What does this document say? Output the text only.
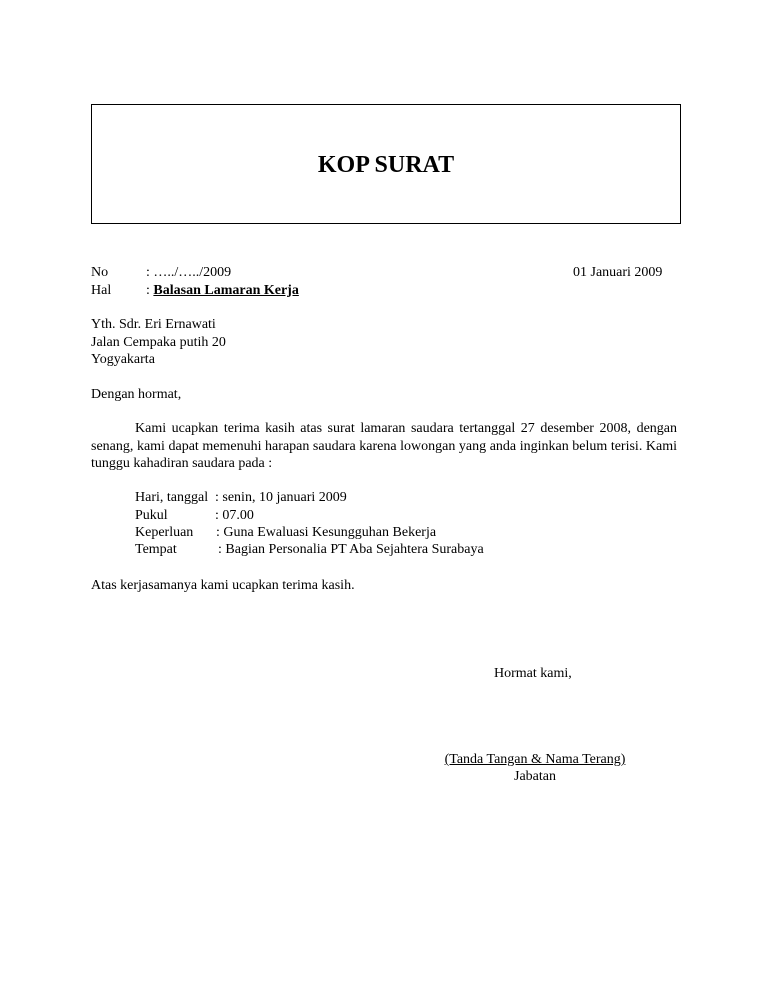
KOP SURAT
No	: …../…../2009	01 Januari 2009
Hal : Balasan Lamaran Kerja
Yth. Sdr. Eri Ernawati
Jalan Cempaka putih 20
Yogyakarta
Dengan hormat,
Kami ucapkan terima kasih atas surat lamaran saudara tertanggal 27 desember 2008, dengan senang, kami dapat memenuhi harapan saudara karena lowongan yang anda inginkan belum terisi. Kami tunggu kahadiran saudara pada :
Hari, tanggal : senin, 10 januari 2009
Pukul	: 07.00
Keperluan : Guna Ewaluasi Kesungguhan Bekerja
Tempat	: Bagian Personalia PT Aba Sejahtera Surabaya
Atas kerjasamanya kami ucapkan terima kasih.
Hormat kami,
(Tanda Tangan & Nama Terang)
Jabatan
